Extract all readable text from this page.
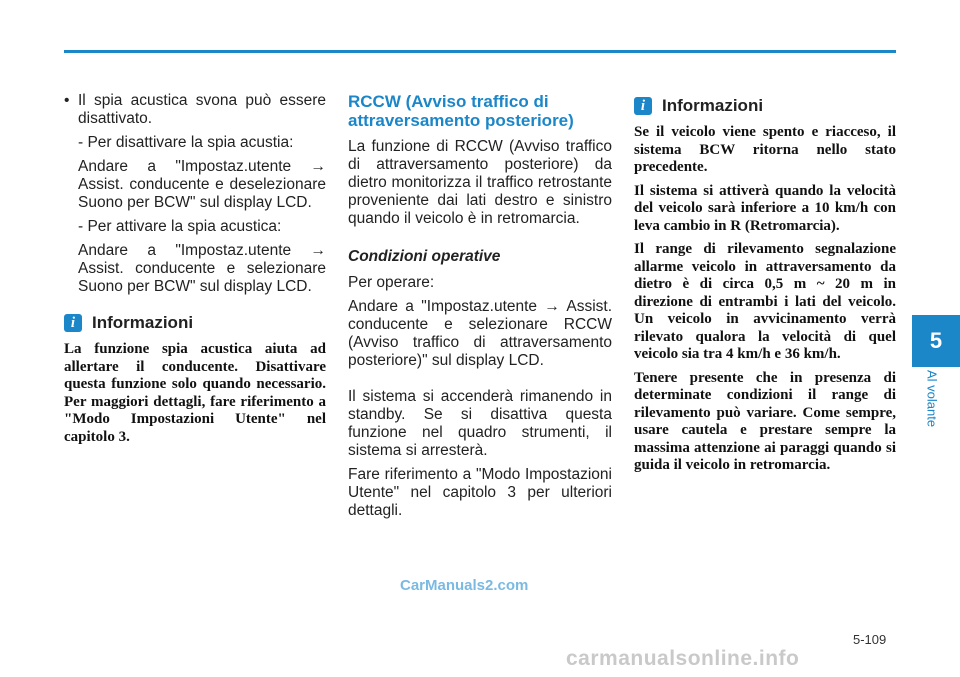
• Il spia acustica svona può essere disattivato.

- Per disattivare la spia acustia:

Andare a "Impostaz.utente → Assist. conducente e deselezionare Suono per BCW" sul display LCD.

- Per attivare la spia acustica:

Andare a "Impostaz.utente → Assist. conducente e selezionare Suono per BCW" sul display LCD.

i Informazioni

La funzione spia acustica aiuta ad allertare il conducente. Disattivare questa funzione solo quando necessario. Per maggiori dettagli, fare riferimento a "Modo Impostazioni Utente" nel capitolo 3.

RCCW (Avviso traffico di attraversamento posteriore)

La funzione di RCCW (Avviso traffico di attraversamento posteriore) da dietro monitorizza il traffico retrostante proveniente dai lati destro e sinistro quando il veicolo è in retromarcia.

Condizioni operative

Per operare:

Andare a "Impostaz.utente → Assist. conducente e selezionare RCCW (Avviso traffico di attraversamento posteriore)" sul display LCD.

Il sistema si accenderà rimanendo in standby. Se si disattiva questa funzione nel quadro strumenti, il sistema si arresterà.

Fare riferimento a "Modo Impostazioni Utente" nel capitolo 3 per ulteriori dettagli.

i Informazioni

Se il veicolo viene spento e riacceso, il sistema BCW ritorna nello stato precedente.

Il sistema si attiverà quando la velocità del veicolo sarà inferiore a 10 km/h con leva cambio in R (Retromarcia).

Il range di rilevamento segnalazione allarme veicolo in attraversamento da dietro è di circa 0,5 m ~ 20 m in direzione di entrambi i lati del veicolo. Un veicolo in avvicinamento verrà rilevato qualora la velocità di quel veicolo sia tra 4 km/h e 36 km/h.

Tenere presente che in presenza di determinate condizioni il range di rilevamento può variare. Come sempre, usare cautela e prestare sempre la massima attenzione ai paraggi quando si guida il veicolo in retromarcia.

5
Al volante
CarManuals2.com
5-109
carmanualsonline.info
